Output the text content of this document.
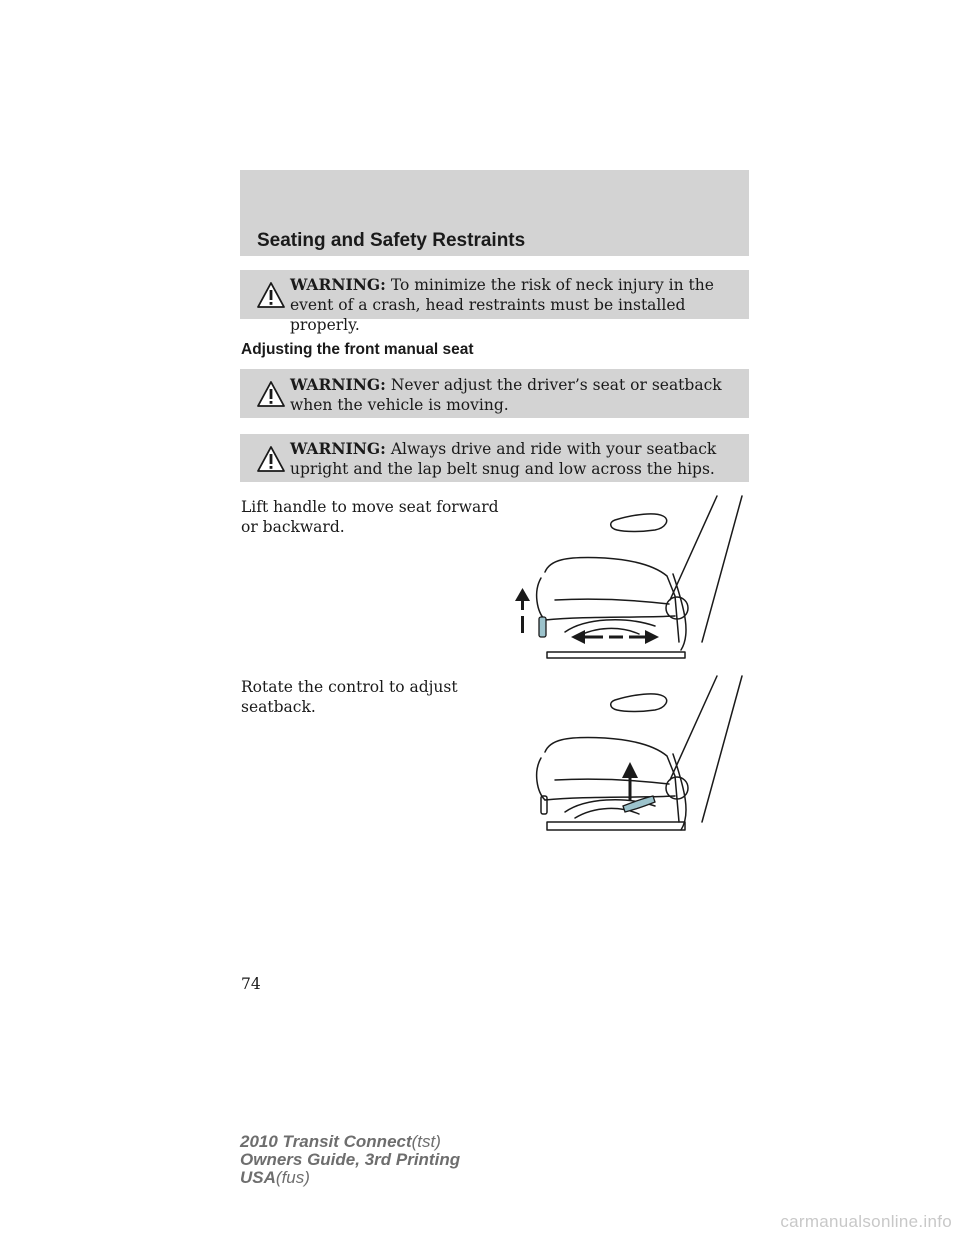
Seating and Safety Restraints
WARNING: To minimize the risk of neck injury in the event of a crash, head restraints must be installed properly.
Adjusting the front manual seat
WARNING: Never adjust the driver’s seat or seatback when the vehicle is moving.
WARNING: Always drive and ride with your seatback upright and the lap belt snug and low across the hips.
Lift handle to move seat forward or backward.
Rotate the control to adjust seatback.
74
2010 Transit Connect(tst)
Owners Guide, 3rd Printing
USA(fus)
carmanualsonline.info
